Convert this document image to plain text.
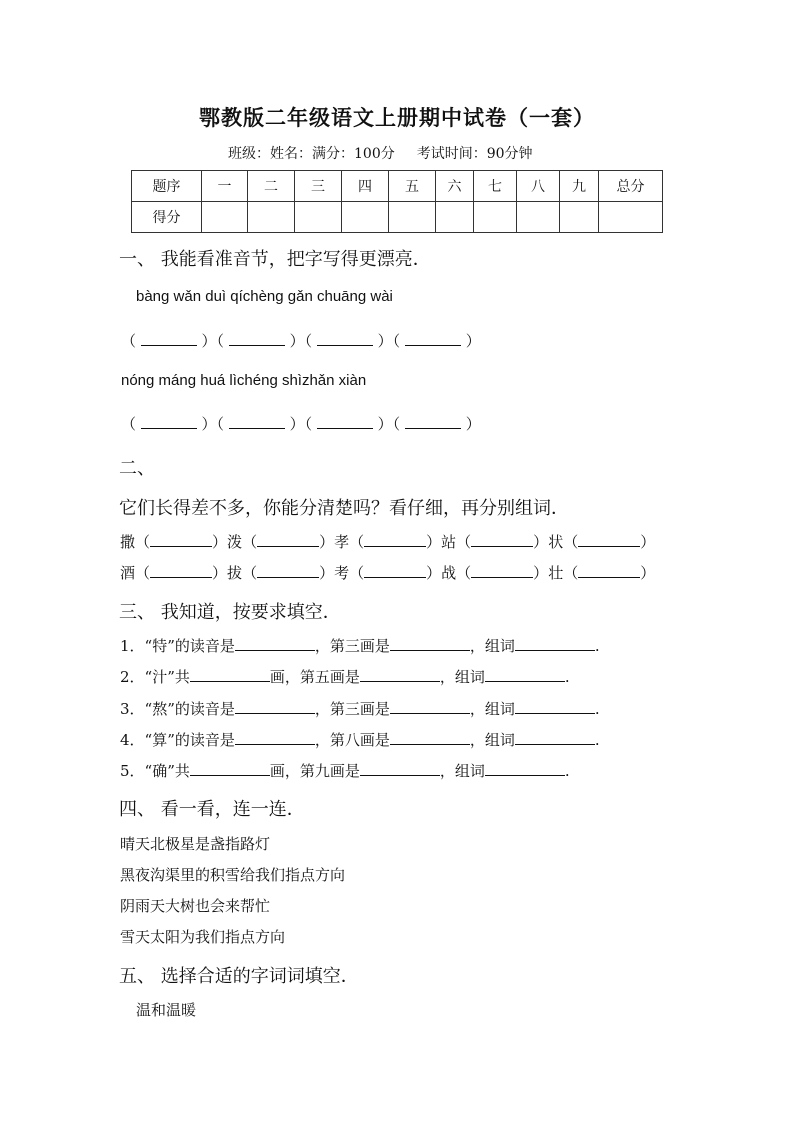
鄂教版二年级语文上册期中试卷（一套）
班级：姓名：满分：100分 考试时间：90分钟
题序	一	二	三	四	五	六	七	八	九	总分
得分										
一、 我能看准音节，把字写得更漂亮．
bàng wǎn duì qíchèng gǎn chuāng wài
（	）（	）（	）（	）
nóng máng huá lìchéng shìzhǎn xiàn
（	）（	）（	）（	）
二、
它们长得差不多，你能分清楚吗？看仔细，再分别组词．
撒（	）泼（	）孝（	）站（	）状（	）
酒（	）拔（	）考（	）战（	）壮（	）
三、 我知道，按要求填空．
1．“特”的读音是	，第三画是	，组词	.
2．“汁”共	画，第五画是	，组词	.
3．“熬”的读音是	，第三画是	，组词	.
4．“算”的读音是	，第八画是	，组词	.
5．“确”共	画，第九画是	，组词	.
四、 看一看，连一连．
晴天北极星是盏指路灯
黑夜沟渠里的积雪给我们指点方向
阴雨天大树也会来帮忙
雪天太阳为我们指点方向
五、 选择合适的字词词填空．
温和温暖
